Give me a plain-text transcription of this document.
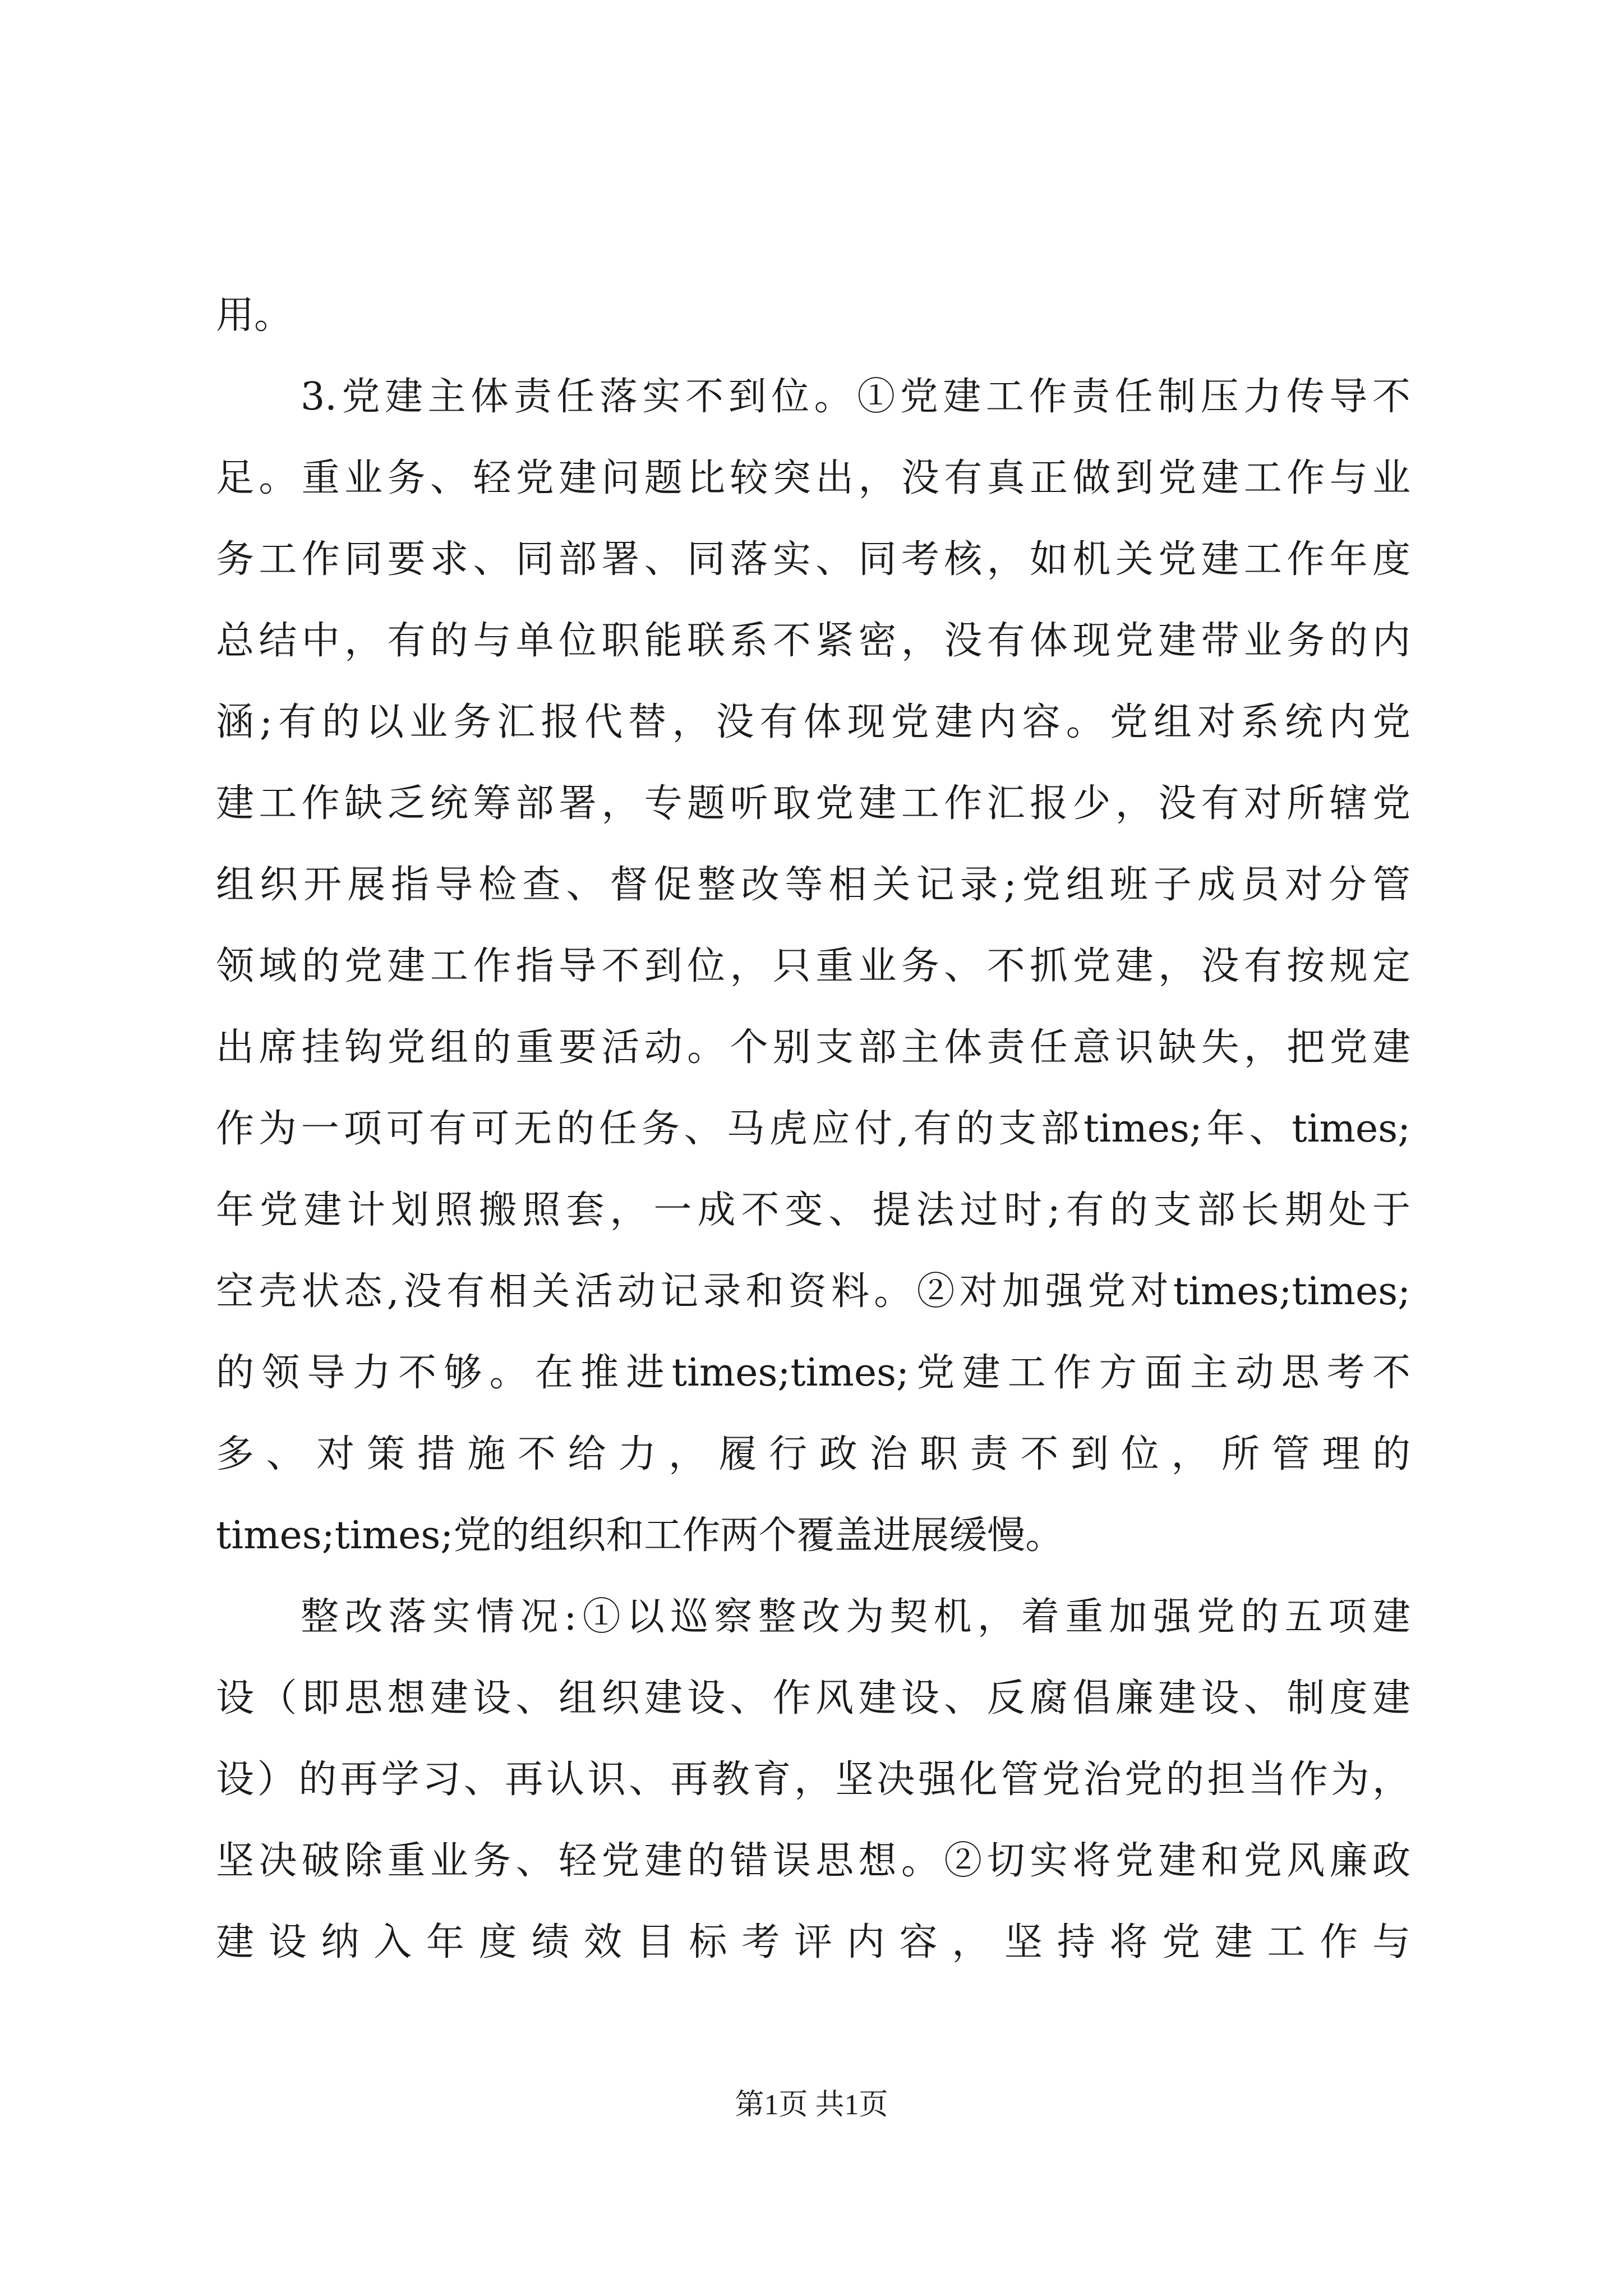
用。
3.党建主体责任落实不到位。①党建工作责任制压力传导不
足。重业务、轻党建问题比较突出，没有真正做到党建工作与业
务工作同要求、同部署、同落实、同考核，如机关党建工作年度
总结中，有的与单位职能联系不紧密，没有体现党建带业务的内
涵;有的以业务汇报代替，没有体现党建内容。党组对系统内党
建工作缺乏统筹部署，专题听取党建工作汇报少，没有对所辖党
组织开展指导检查、督促整改等相关记录;党组班子成员对分管
领域的党建工作指导不到位，只重业务、不抓党建，没有按规定
出席挂钩党组的重要活动。个别支部主体责任意识缺失，把党建
作为一项可有可无的任务、马虎应付,有的支部times;年、times;
年党建计划照搬照套，一成不变、提法过时;有的支部长期处于
空壳状态,没有相关活动记录和资料。②对加强党对times;times;
的领导力不够。在推进times;times;党建工作方面主动思考不
多、对策措施不给力，履行政治职责不到位，所管理的
times;times;党的组织和工作两个覆盖进展缓慢。
整改落实情况:①以巡察整改为契机，着重加强党的五项建
设（即思想建设、组织建设、作风建设、反腐倡廉建设、制度建
设）的再学习、再认识、再教育，坚决强化管党治党的担当作为，
坚决破除重业务、轻党建的错误思想。②切实将党建和党风廉政
建设纳入年度绩效目标考评内容，坚持将党建工作与
第1页 共1页
